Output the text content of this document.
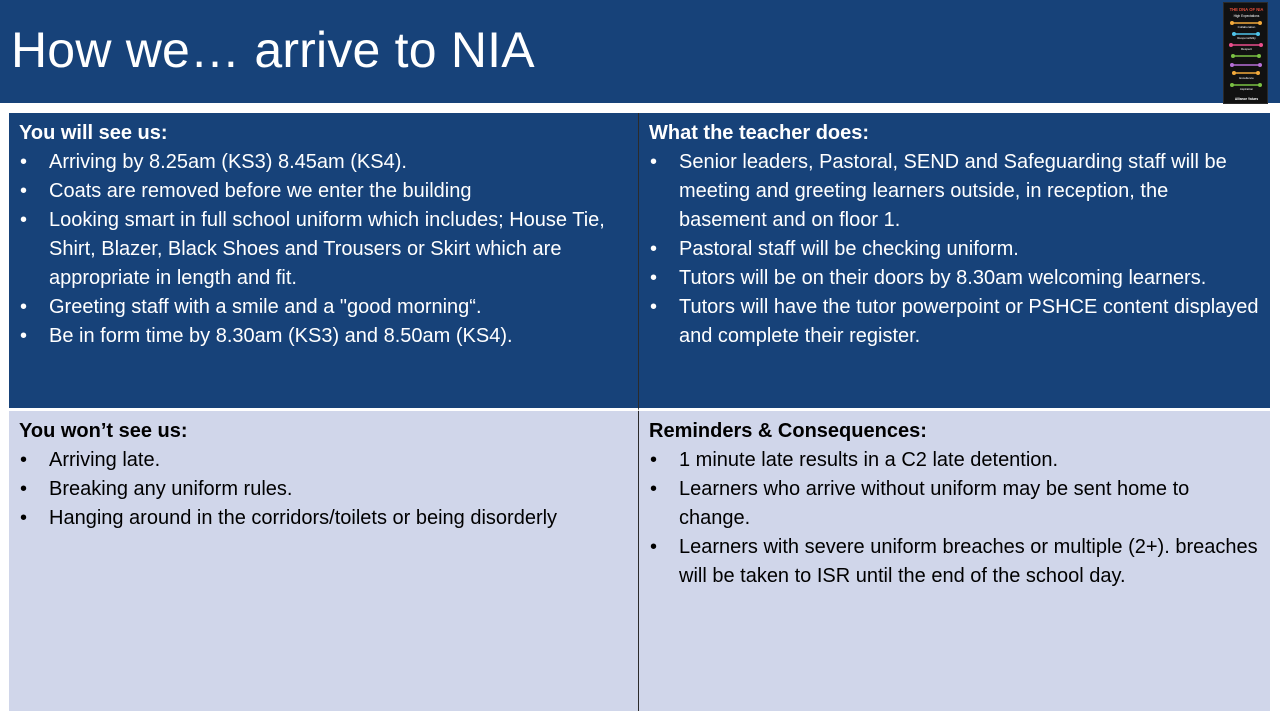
How we… arrive to NIA
THE DNA OF NIA
High Expectations
Collaboration
Responsibility
Respect
Excellence
Aspiration
Alliance Values
You will see us:
• Arriving by 8.25am (KS3) 8.45am (KS4).
• Coats are removed before we enter the building
• Looking smart in full school uniform which includes; House Tie, Shirt, Blazer, Black Shoes and Trousers or Skirt which are appropriate in length and fit.
• Greeting staff with a smile and a "good morning“.
• Be in form time by 8.30am (KS3) and 8.50am (KS4).
What the teacher does:
• Senior leaders, Pastoral, SEND and Safeguarding staff will be meeting and greeting learners outside, in reception, the basement and on floor 1.
• Pastoral staff will be checking uniform.
• Tutors will be on their doors by 8.30am welcoming learners.
• Tutors will have the tutor powerpoint or PSHCE content displayed and complete their register.
You won’t see us:
• Arriving late.
• Breaking any uniform rules.
• Hanging around in the corridors/toilets or being disorderly
Reminders & Consequences:
• 1 minute late results in a C2 late detention.
• Learners who arrive without uniform may be sent home to change.
• Learners with severe uniform breaches or multiple (2+). breaches will be taken to ISR until the end of the school day.
